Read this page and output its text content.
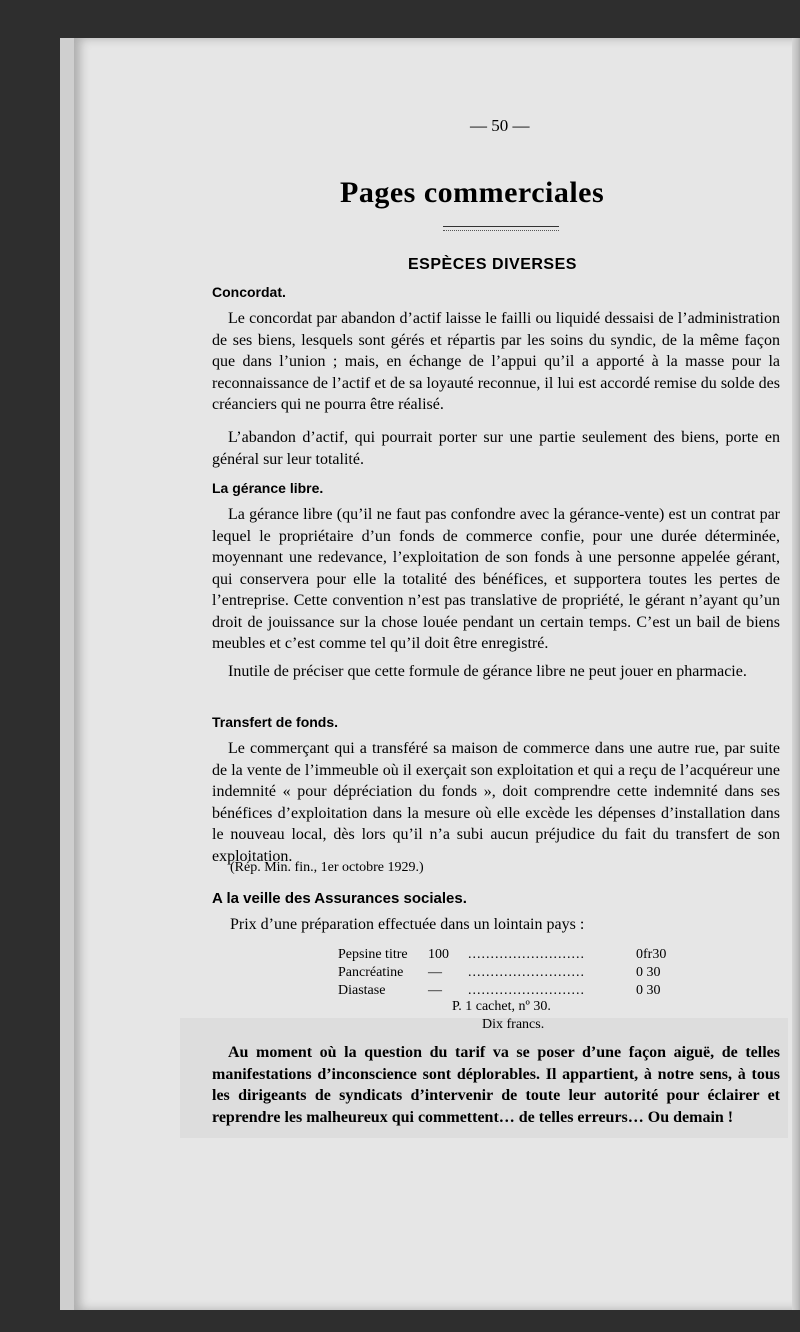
— 50 —
Pages commerciales
ESPÈCES DIVERSES
Concordat.
Le concordat par abandon d’actif laisse le failli ou liquidé dessaisi de l’administration de ses biens, lesquels sont gérés et répartis par les soins du syndic, de la même façon que dans l’union ; mais, en échange de l’appui qu’il a apporté à la masse pour la reconnaissance de l’actif et de sa loyauté reconnue, il lui est accordé remise du solde des créanciers qui ne pourra être réalisé.
L’abandon d’actif, qui pourrait porter sur une partie seulement des biens, porte en général sur leur totalité.
La gérance libre.
La gérance libre (qu’il ne faut pas confondre avec la gérance-vente) est un contrat par lequel le propriétaire d’un fonds de commerce confie, pour une durée déterminée, moyennant une redevance, l’exploitation de son fonds à une personne appelée gérant, qui conservera pour elle la totalité des bénéfices, et supportera toutes les pertes de l’entreprise. Cette convention n’est pas translative de propriété, le gérant n’ayant qu’un droit de jouissance sur la chose louée pendant un certain temps. C’est un bail de biens meubles et c’est comme tel qu’il doit être enregistré.
Inutile de préciser que cette formule de gérance libre ne peut jouer en pharmacie.
Transfert de fonds.
Le commerçant qui a transféré sa maison de commerce dans une autre rue, par suite de la vente de l’immeuble où il exerçait son exploitation et qui a reçu de l’acquéreur une indemnité « pour dépréciation du fonds », doit comprendre cette indemnité dans ses bénéfices d’exploitation dans la mesure où elle excède les dépenses d’installation dans le nouveau local, dès lors qu’il n’a subi aucun préjudice du fait du transfert de son exploitation.
(Rép. Min. fin., 1er octobre 1929.)
A la veille des Assurances sociales.
Prix d’une préparation effectuée dans un lointain pays :
Pepsine titre	100	..........................	0fr30
Pancréatine	—	..........................	0 30
Diastase	—	..........................	0 30
P. 1 cachet, nº 30.
Dix francs.
Au moment où la question du tarif va se poser d’une façon aiguë, de telles manifestations d’inconscience sont déplorables. Il appartient, à notre sens, à tous les dirigeants de syndicats d’intervenir de toute leur autorité pour éclairer et reprendre les malheureux qui commettent… de telles erreurs… Ou demain !
